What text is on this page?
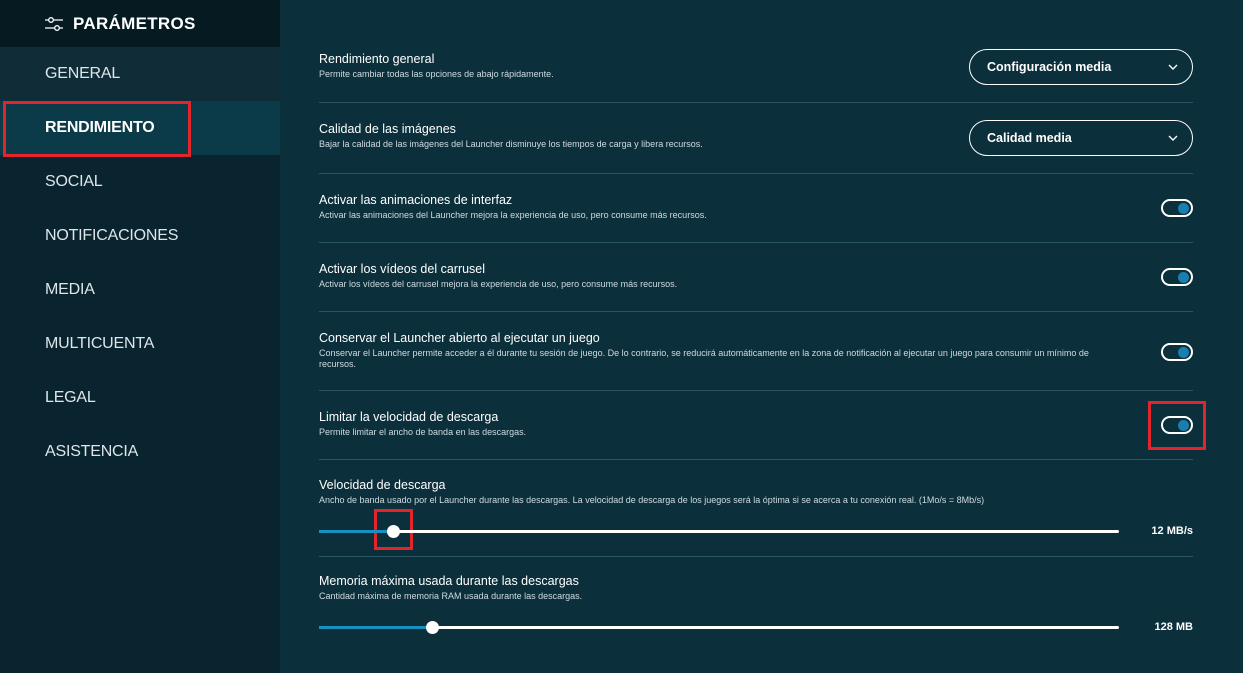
PARÁMETROS
GENERAL
RENDIMIENTO
SOCIAL
NOTIFICACIONES
MEDIA
MULTICUENTA
LEGAL
ASISTENCIA
Rendimiento general
Permite cambiar todas las opciones de abajo rápidamente.	Configuración media
Calidad de las imágenes
Bajar la calidad de las imágenes del Launcher disminuye los tiempos de carga y libera recursos.	Calidad media
Activar las animaciones de interfaz
Activar las animaciones del Launcher mejora la experiencia de uso, pero consume más recursos.
Activar los vídeos del carrusel
Activar los vídeos del carrusel mejora la experiencia de uso, pero consume más recursos.
Conservar el Launcher abierto al ejecutar un juego
Conservar el Launcher permite acceder a él durante tu sesión de juego. De lo contrario, se reducirá automáticamente en la zona de notificación al ejecutar un juego para consumir un mínimo de recursos.
Limitar la velocidad de descarga
Permite limitar el ancho de banda en las descargas.
Velocidad de descarga
Ancho de banda usado por el Launcher durante las descargas. La velocidad de descarga de los juegos será la óptima si se acerca a tu conexión real. (1Mo/s = 8Mb/s)
12 MB/s
Memoria máxima usada durante las descargas
Cantidad máxima de memoria RAM usada durante las descargas.
128 MB
